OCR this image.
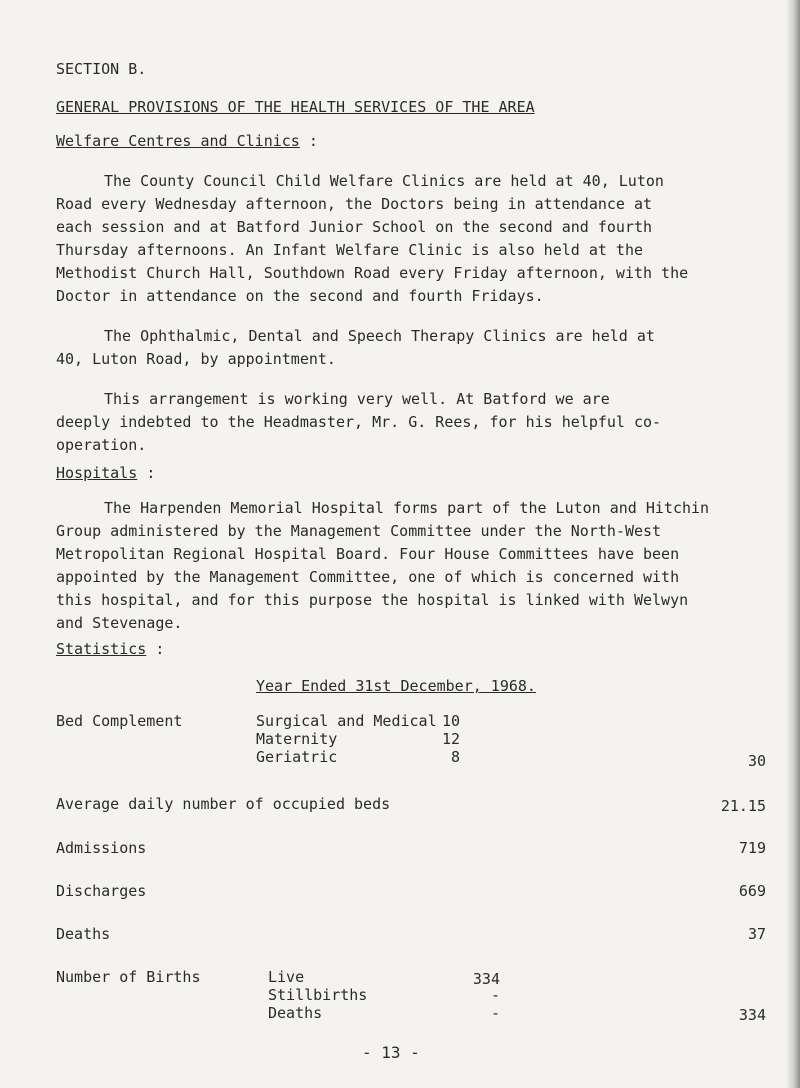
SECTION B.
GENERAL PROVISIONS OF THE HEALTH SERVICES OF THE AREA
Welfare Centres and Clinics :
The County Council Child Welfare Clinics are held at 40, Luton
Road every Wednesday afternoon, the Doctors being in attendance at
each session and at Batford Junior School on the second and fourth
Thursday afternoons. An Infant Welfare Clinic is also held at the
Methodist Church Hall, Southdown Road every Friday afternoon, with the
Doctor in attendance on the second and fourth Fridays.
The Ophthalmic, Dental and Speech Therapy Clinics are held at
40, Luton Road, by appointment.
This arrangement is working very well. At Batford we are
deeply indebted to the Headmaster, Mr. G. Rees, for his helpful co-
operation.
Hospitals :
The Harpenden Memorial Hospital forms part of the Luton and Hitchin
Group administered by the Management Committee under the North-West
Metropolitan Regional Hospital Board. Four House Committees have been
appointed by the Management Committee, one of which is concerned with
this hospital, and for this purpose the hospital is linked with Welwyn
and Stevenage.
Statistics :
Year Ended 31st December, 1968.
Bed Complement	Surgical and Medical 10
Maternity	12
Geriatric	8	30
Average daily number of occupied beds	21.15
Admissions	719
Discharges	669
Deaths	37
Number of Births	Live	334
Stillbirths	-
Deaths	-	334
- 13 -
